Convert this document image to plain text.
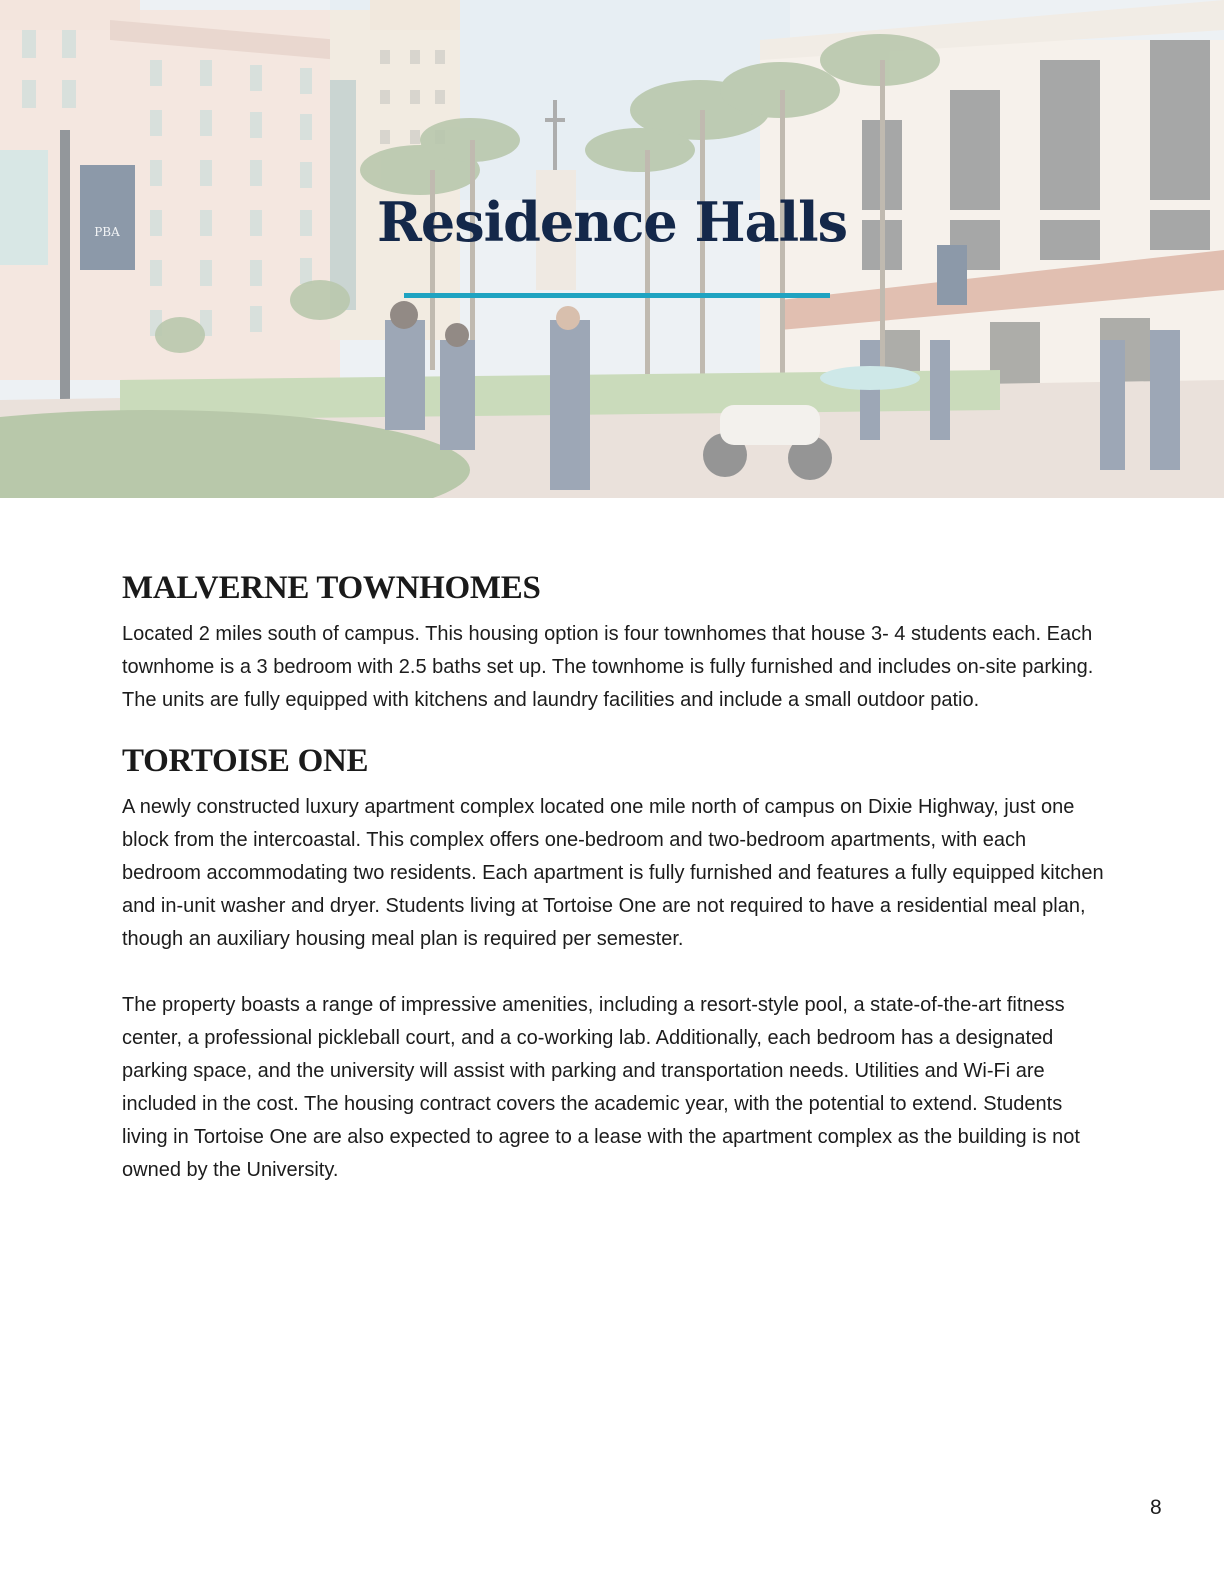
PBA	Residence Halls
MALVERNE TOWNHOMES

Located 2 miles south of campus. This housing option is four townhomes that house 3- 4 students each. Each townhome is a 3 bedroom with 2.5 baths set up. The townhome is fully furnished and includes on-site parking. The units are fully equipped with kitchens and laundry facilities and include a small outdoor patio.

TORTOISE ONE

A newly constructed luxury apartment complex located one mile north of campus on Dixie Highway, just one block from the intercoastal. This complex offers one-bedroom and two-bedroom apartments, with each bedroom accommodating two residents. Each apartment is fully furnished and features a fully equipped kitchen and in-unit washer and dryer. Students living at Tortoise One are not required to have a residential meal plan, though an auxiliary housing meal plan is required per semester.

The property boasts a range of impressive amenities, including a resort-style pool, a state-of-the-art fitness center, a professional pickleball court, and a co-working lab. Additionally, each bedroom has a designated parking space, and the university will assist with parking and transportation needs. Utilities and Wi-Fi are included in the cost. The housing contract covers the academic year, with the potential to extend. Students living in Tortoise One are also expected to agree to a lease with the apartment complex as the building is not owned by the University.

8
